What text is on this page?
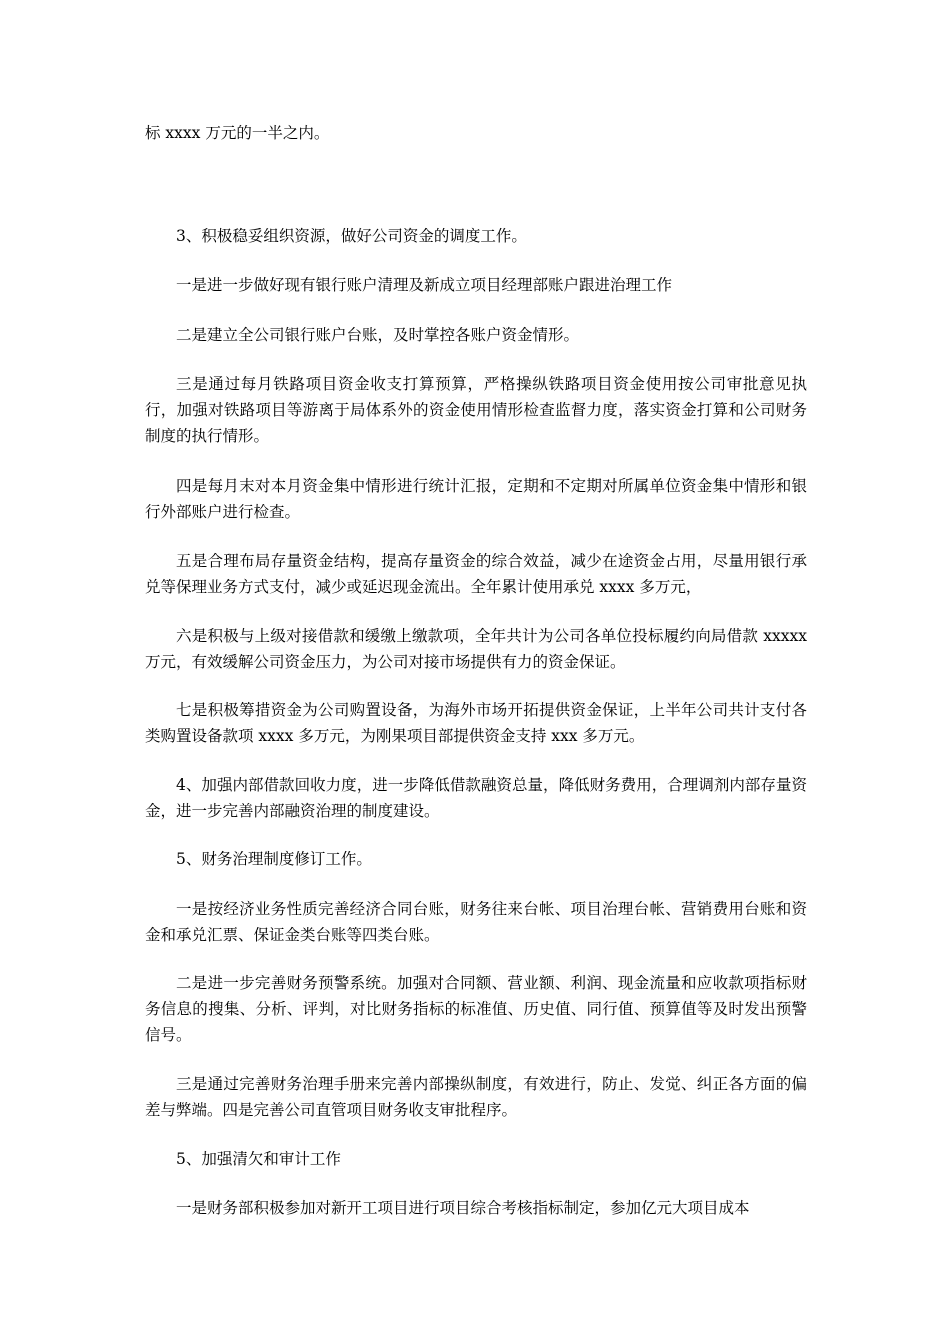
标 xxxx 万元的一半之内。

3、积极稳妥组织资源，做好公司资金的调度工作。

一是进一步做好现有银行账户清理及新成立项目经理部账户跟进治理工作

二是建立全公司银行账户台账，及时掌控各账户资金情形。

三是通过每月铁路项目资金收支打算预算，严格操纵铁路项目资金使用按公司审批意见执行，加强对铁路项目等游离于局体系外的资金使用情形检查监督力度，落实资金打算和公司财务制度的执行情形。

四是每月末对本月资金集中情形进行统计汇报，定期和不定期对所属单位资金集中情形和银行外部账户进行检查。

五是合理布局存量资金结构，提高存量资金的综合效益，减少在途资金占用，尽量用银行承兑等保理业务方式支付，减少或延迟现金流出。全年累计使用承兑 xxxx 多万元，

六是积极与上级对接借款和缓缴上缴款项，全年共计为公司各单位投标履约向局借款 xxxxx 万元，有效缓解公司资金压力，为公司对接市场提供有力的资金保证。

七是积极筹措资金为公司购置设备，为海外市场开拓提供资金保证，上半年公司共计支付各类购置设备款项 xxxx 多万元，为刚果项目部提供资金支持 xxx 多万元。

4、加强内部借款回收力度，进一步降低借款融资总量，降低财务费用，合理调剂内部存量资金，进一步完善内部融资治理的制度建设。

5、财务治理制度修订工作。

一是按经济业务性质完善经济合同台账，财务往来台帐、项目治理台帐、营销费用台账和资金和承兑汇票、保证金类台账等四类台账。

二是进一步完善财务预警系统。加强对合同额、营业额、利润、现金流量和应收款项指标财务信息的搜集、分析、评判，对比财务指标的标准值、历史值、同行值、预算值等及时发出预警信号。

三是通过完善财务治理手册来完善内部操纵制度，有效进行，防止、发觉、纠正各方面的偏差与弊端。四是完善公司直管项目财务收支审批程序。

5、加强清欠和审计工作

一是财务部积极参加对新开工项目进行项目综合考核指标制定，参加亿元大项目成本
